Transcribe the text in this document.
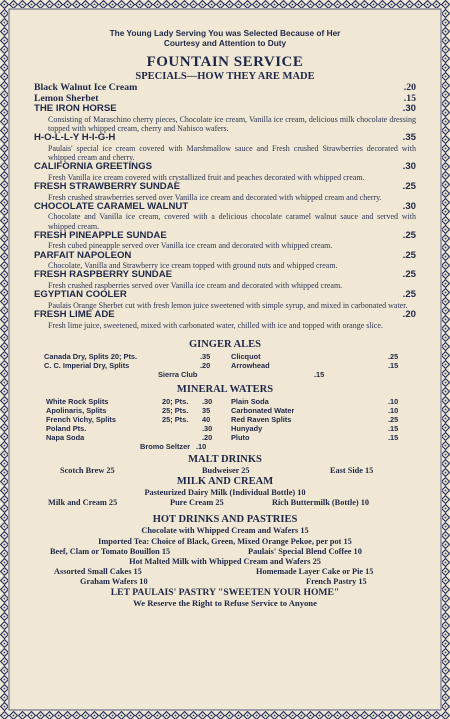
The Young Lady Serving You was Selected Because of Her
Courtesy and Attention to Duty
FOUNTAIN SERVICE
SPECIALS—HOW THEY ARE MADE
Black Walnut Ice Cream	.20
Lemon Sherbet	.15
THE IRON HORSE	.30
Consisting of Maraschino cherry pieces, Chocolate ice cream, Vanilla ice cream, delicious milk chocolate dressing topped with whipped cream, cherry and Nabisco wafers.
H-O-L-L-Y H-I-G-H	.35
Paulais' special ice cream covered with Marshmallow sauce and Fresh crushed Strawberries decorated with whipped cream and cherry.
CALIFORNIA GREETINGS	.30
Fresh Vanilla ice cream covered with crystallized fruit and peaches decorated with whipped cream.
FRESH STRAWBERRY SUNDAE	.25
Fresh crushed strawberries served over Vanilla ice cream and decorated with whipped cream and cherry.
CHOCOLATE CARAMEL WALNUT	.30
Chocolate and Vanilla ice cream, covered with a delicious chocolate caramel walnut sauce and served with whipped cream.
FRESH PINEAPPLE SUNDAE	.25
Fresh cubed pineapple served over Vanilla ice cream and decorated with whipped cream.
PARFAIT NAPOLEON	.25
Chocolate, Vanilla and Strawberry ice cream topped with ground nuts and whipped cream.
FRESH RASPBERRY SUNDAE	.25
Fresh crushed raspberries served over Vanilla ice cream and decorated with whipped cream.
EGYPTIAN COOLER	.25
Paulais Orange Sherbet cut with fresh lemon juice sweetened with simple syrup, and mixed in carbonated water.
FRESH LIME ADE	.20
Fresh lime juice, sweetened, mixed with carbonated water, chilled with ice and topped with orange slice.
GINGER ALES
Canada Dry, Splits 20; Pts.	.35
C. C. Imperial Dry, Splits	.20
Clicquot	.25
Arrowhead	.15
Sierra Club	.15
MINERAL WATERS
White Rock Splits	20; Pts. .30
Apolinaris, Splits	25; Pts. 35
French Vichy, Splits	25; Pts. 40
Poland Pts.	.30
Napa Soda	.20
Plain Soda	.10
Carbonated Water	.10
Red Raven Splits	.25
Hunyady	.15
Pluto	.15
Bromo Seltzer .10
MALT DRINKS
Scotch Brew 25	Budweiser 25	East Side 15
MILK AND CREAM
Pasteurized Dairy Milk (Individual Bottle) 10
Milk and Cream 25	Pure Cream 25	Rich Buttermilk (Bottle) 10
HOT DRINKS AND PASTRIES
Chocolate with Whipped Cream and Wafers 15
Imported Tea: Choice of Black, Green, Mixed Orange Pekoe, per pot 15
Beef, Clam or Tomato Bouillon 15	Paulais' Special Blend Coffee 10
Hot Malted Milk with Whipped Cream and Wafers 25
Assorted Small Cakes 15	Homemade Layer Cake or Pie 15
Graham Wafers 10	French Pastry 15
LET PAULAIS' PASTRY "SWEETEN YOUR HOME"
We Reserve the Right to Refuse Service to Anyone
